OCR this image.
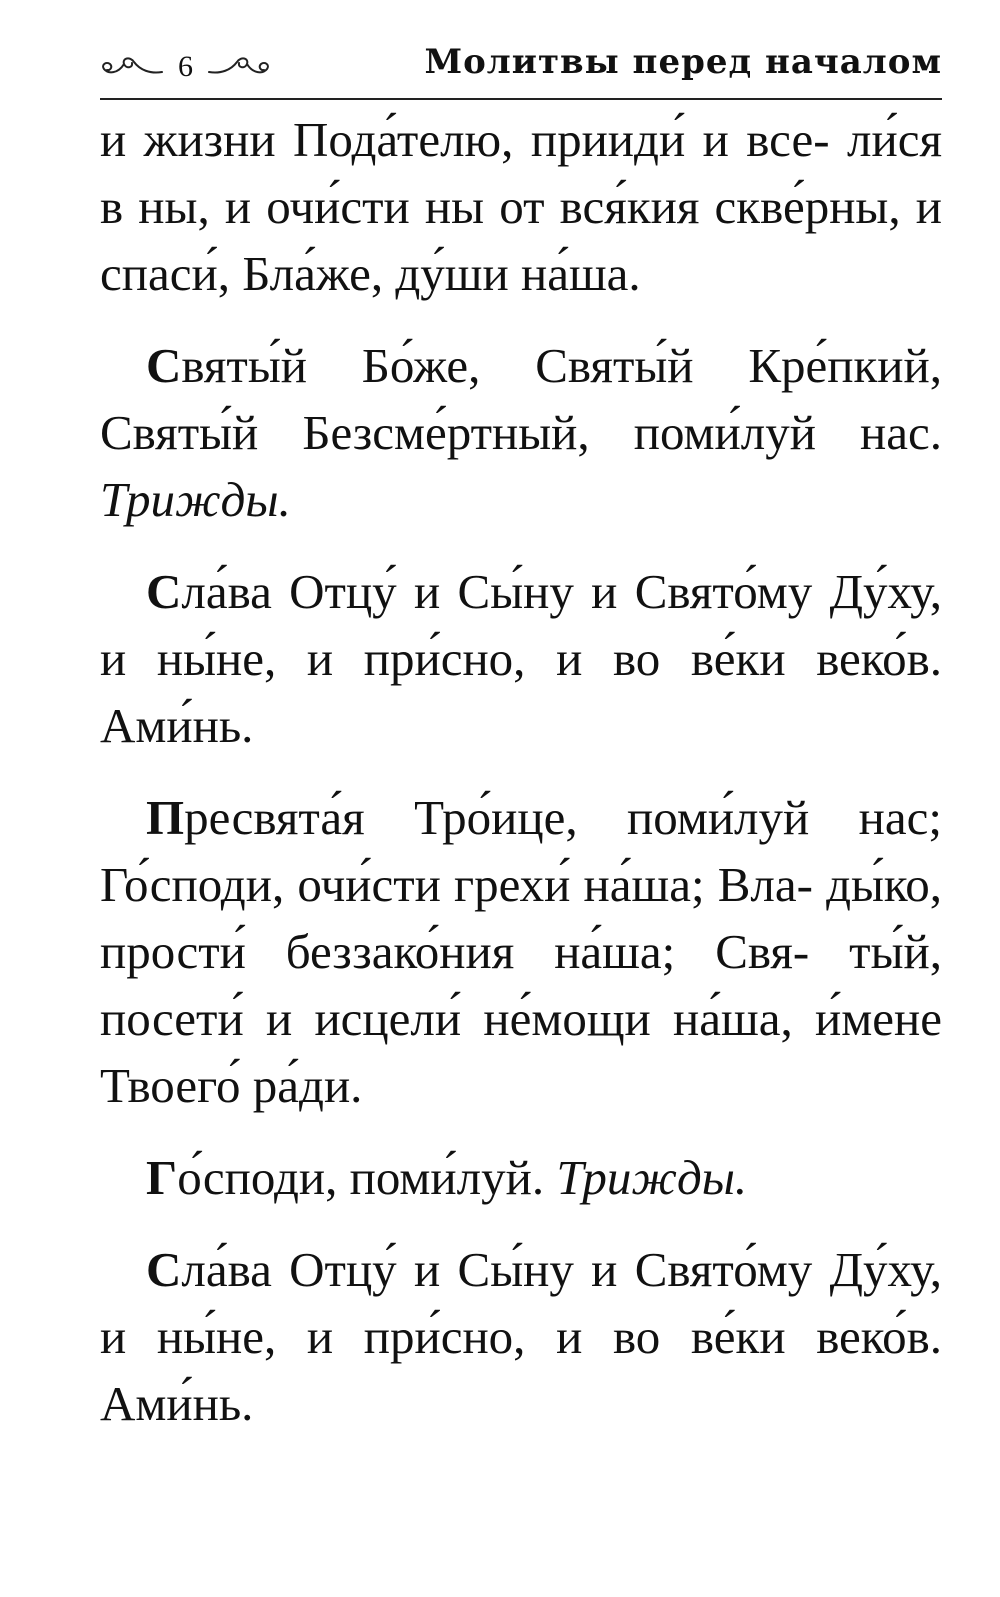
6	Молитвы перед началом

и жизни Пода́телю, прииди́ и все- ли́ся в ны, и очи́сти ны от вся́кия скве́рны, и спаси́, Бла́же, ду́ши на́ша.

Святы́й Бо́же, Святы́й Кре́пкий, Святы́й Безсме́ртный, поми́луй нас. Трижды.

Сла́ва Отцу́ и Сы́ну и Свято́му Ду́ху, и ны́не, и при́сно, и во ве́ки веко́в. Ами́нь.

Пресвята́я Тро́ице, поми́луй нас; Го́споди, очи́сти грехи́ на́ша; Вла- ды́ко, прости́ беззако́ния на́ша; Свя- ты́й, посети́ и исцели́ не́мощи на́ша, и́мене Твоего́ ра́ди.

Го́споди, поми́луй. Трижды.

Сла́ва Отцу́ и Сы́ну и Свято́му Ду́ху, и ны́не, и при́сно, и во ве́ки веко́в. Ами́нь.
